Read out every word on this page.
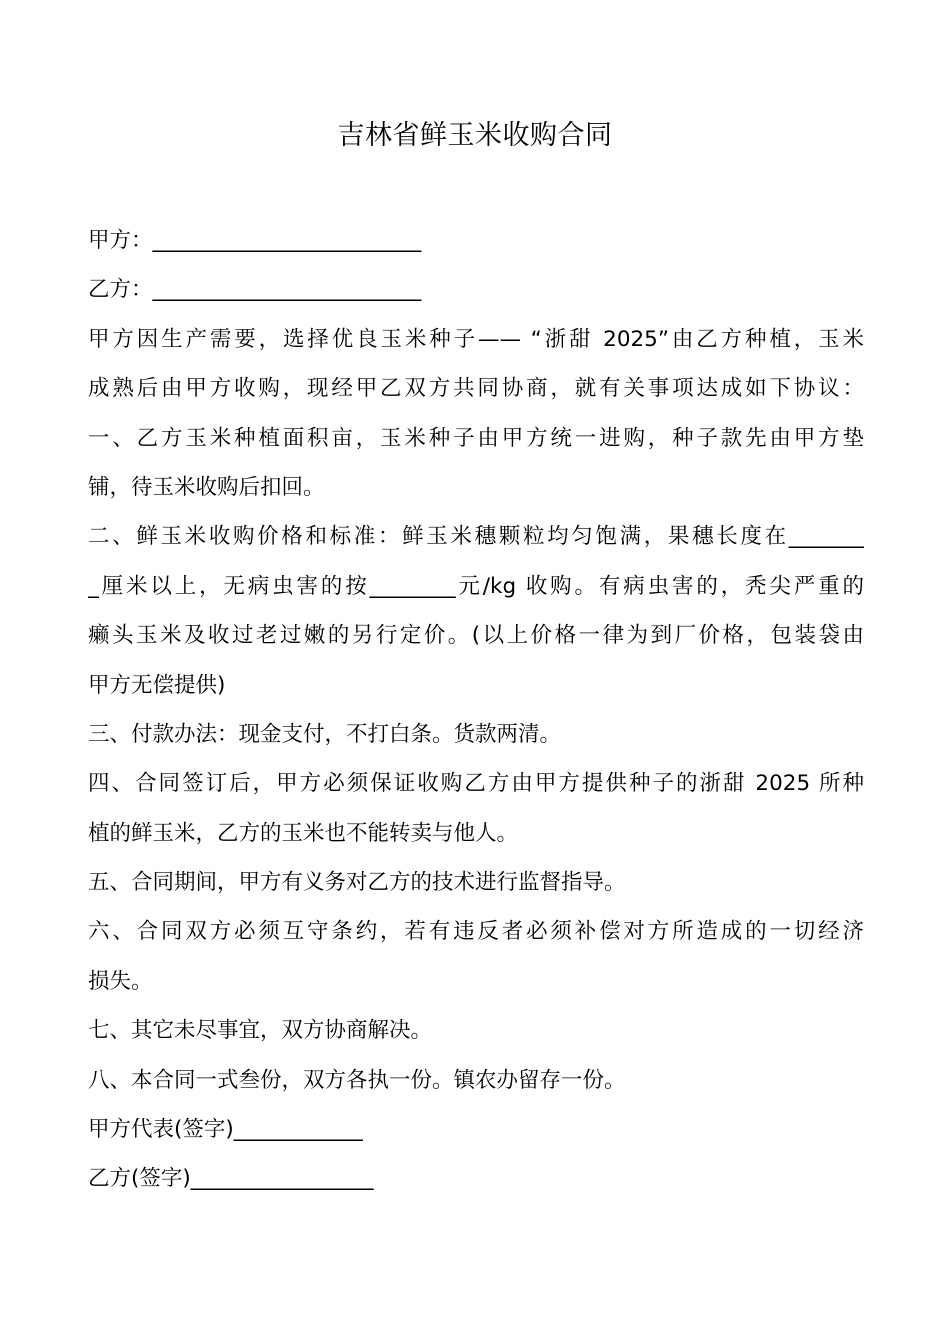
吉林省鲜玉米收购合同
甲方：_________________________
乙方：_________________________
甲方因生产需要，选择优良玉米种子—— “浙甜 2025”由乙方种植，玉米
成熟后由甲方收购，现经甲乙双方共同协商，就有关事项达成如下协议：
一、乙方玉米种植面积亩，玉米种子由甲方统一进购，种子款先由甲方垫
铺，待玉米收购后扣回。
二、鲜玉米收购价格和标准：鲜玉米穗颗粒均匀饱满，果穗长度在_______
_厘米以上，无病虫害的按________元/kg 收购。有病虫害的，秃尖严重的
癞头玉米及收过老过嫩的另行定价。(以上价格一律为到厂价格，包装袋由
甲方无偿提供)
三、付款办法：现金支付，不打白条。货款两清。
四、合同签订后，甲方必须保证收购乙方由甲方提供种子的浙甜 2025 所种
植的鲜玉米，乙方的玉米也不能转卖与他人。
五、合同期间，甲方有义务对乙方的技术进行监督指导。
六、合同双方必须互守条约，若有违反者必须补偿对方所造成的一切经济
损失。
七、其它未尽事宜，双方协商解决。
八、本合同一式叁份，双方各执一份。镇农办留存一份。
甲方代表(签字)____________
乙方(签字)_________________
